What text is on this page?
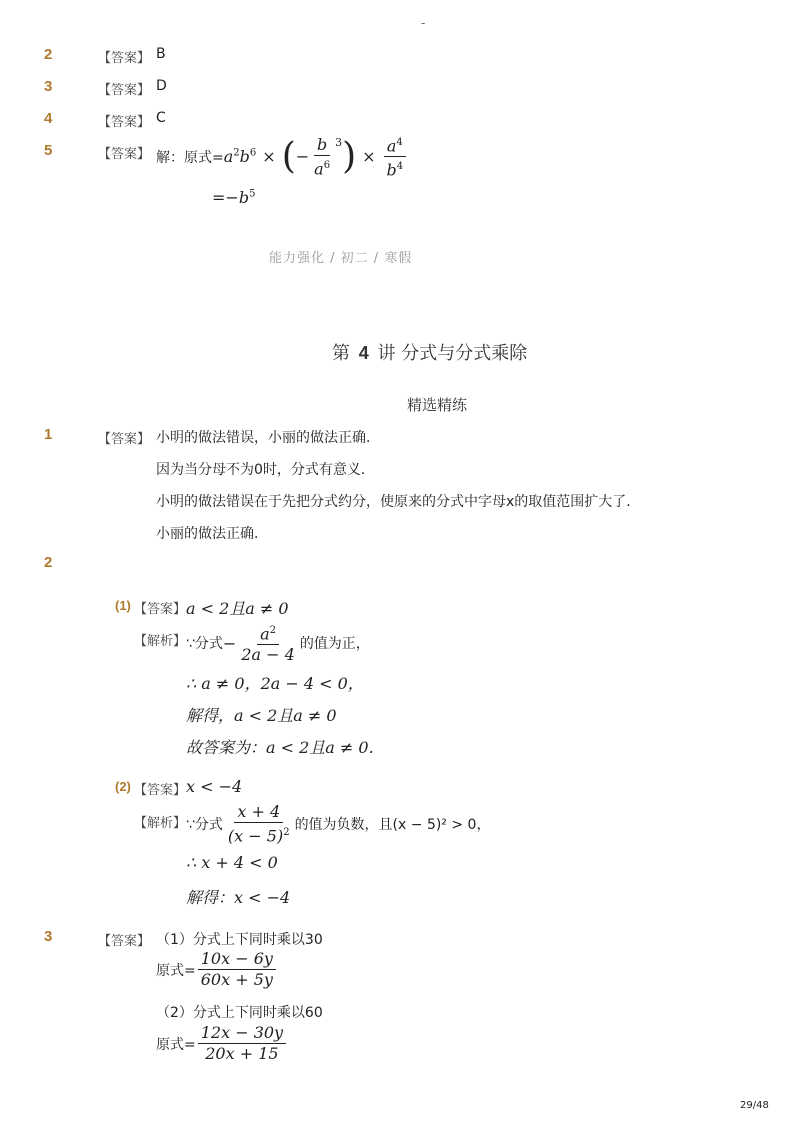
-
2	【答案】 B
3	【答案】 D
4	【答案】 C
5	【答案】 解：原式= $a^2b^6$ × ( − $\frac{b}{a^6} 3$ ) × $\frac{a^4}{b^4}$
$=-b^5$
能力强化 / 初二 / 寒假
第 4 讲 分式与分式乘除
精选精练
1	【答案】 小明的做法错误，小丽的做法正确．
因为当分母不为0时，分式有意义．
小明的做法错误在于先把分式约分，使原来的分式中字母x的取值范围扩大了．
小丽的做法正确．
2
(1) 【答案】 a < 2且a ≠ 0
【解析】 ∵分式 − $\frac{a^2}{2a - 4}$ 的值为正，
∴ a ≠ 0，2a − 4 < 0，
解得，a < 2且a ≠ 0
故答案为：a < 2且a ≠ 0.
(2) 【答案】 x < −4
【解析】 ∵分式 $\frac{x + 4}{(x - 5)^2}$ 的值为负数，且(x − 5)² > 0，
∴ x + 4 < 0
解得：x < −4
3	【答案】 （1）分式上下同时乘以30
原式= $\frac{10x - 6y}{60x + 5y}$
（2）分式上下同时乘以60
原式= $\frac{12x - 30y}{20x + 15}$
29/48
